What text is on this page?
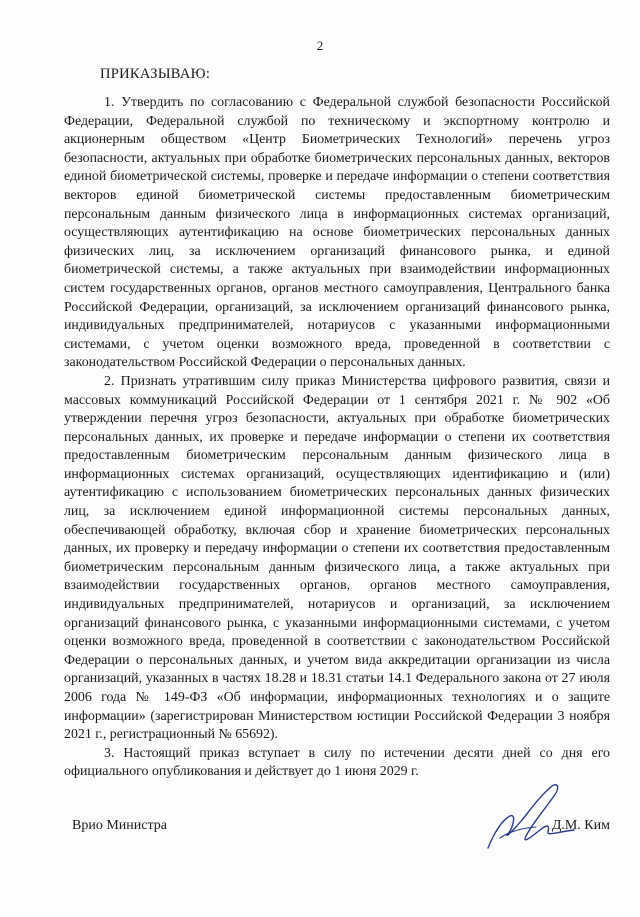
2
ПРИКАЗЫВАЮ:

1. Утвердить по согласованию с Федеральной службой безопасности Российской Федерации, Федеральной службой по техническому и экспортному контролю и акционерным обществом «Центр Биометрических Технологий» перечень угроз безопасности, актуальных при обработке биометрических персональных данных, векторов единой биометрической системы, проверке и передаче информации о степени соответствия векторов единой биометрической системы предоставленным биометрическим персональным данным физического лица в информационных системах организаций, осуществляющих аутентификацию на основе биометрических персональных данных физических лиц, за исключением организаций финансового рынка, и единой биометрической системы, а также актуальных при взаимодействии информационных систем государственных органов, органов местного самоуправления, Центрального банка Российской Федерации, организаций, за исключением организаций финансового рынка, индивидуальных предпринимателей, нотариусов с указанными информационными системами, с учетом оценки возможного вреда, проведенной в соответствии с законодательством Российской Федерации о персональных данных.

2. Признать утратившим силу приказ Министерства цифрового развития, связи и массовых коммуникаций Российской Федерации от 1 сентября 2021 г. № 902 «Об утверждении перечня угроз безопасности, актуальных при обработке биометрических персональных данных, их проверке и передаче информации о степени их соответствия предоставленным биометрическим персональным данным физического лица в информационных системах организаций, осуществляющих идентификацию и (или) аутентификацию с использованием биометрических персональных данных физических лиц, за исключением единой информационной системы персональных данных, обеспечивающей обработку, включая сбор и хранение биометрических персональных данных, их проверку и передачу информации о степени их соответствия предоставленным биометрическим персональным данным физического лица, а также актуальных при взаимодействии государственных органов, органов местного самоуправления, индивидуальных предпринимателей, нотариусов и организаций, за исключением организаций финансового рынка, с указанными информационными системами, с учетом оценки возможного вреда, проведенной в соответствии с законодательством Российской Федерации о персональных данных, и учетом вида аккредитации организации из числа организаций, указанных в частях 18.28 и 18.31 статьи 14.1 Федерального закона от 27 июля 2006 года № 149-ФЗ «Об информации, информационных технологиях и о защите информации» (зарегистрирован Министерством юстиции Российской Федерации 3 ноября 2021 г., регистрационный № 65692).

3. Настоящий приказ вступает в силу по истечении десяти дней со дня его официального опубликования и действует до 1 июня 2029 г.

Врио Министра	Д.М. Ким
